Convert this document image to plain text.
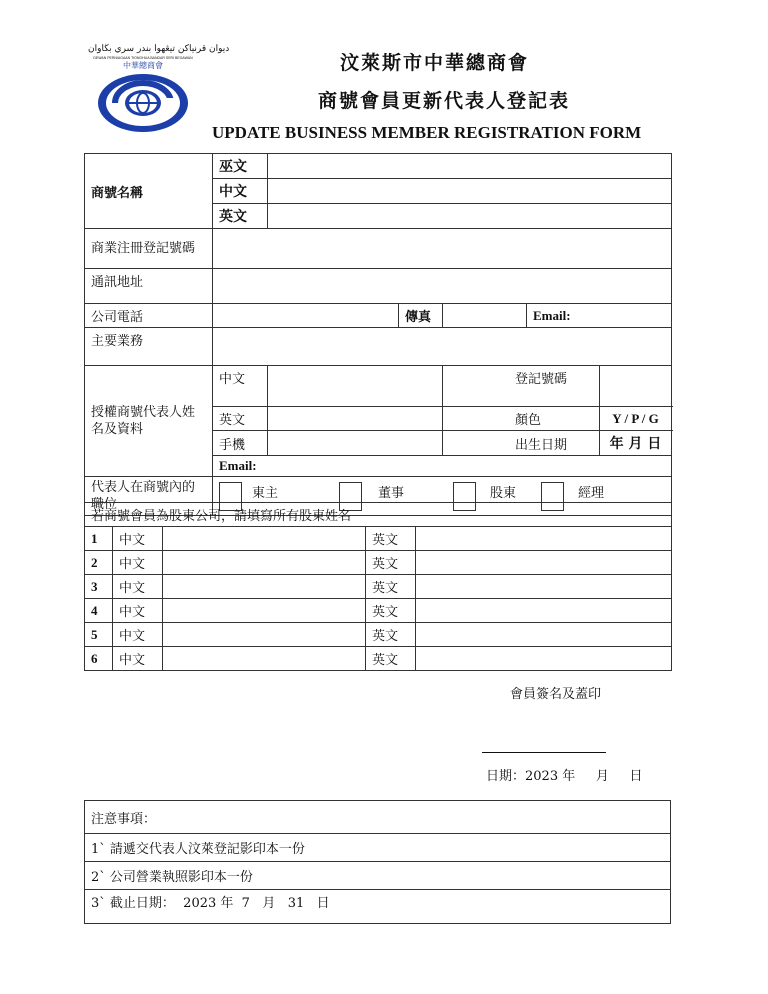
ديوان قرنياكن تيڠهوا بندر سري بڬاوان
DEWAN PERNIAGAAN TIONGHUA BANDAR SERI BEGAWAN
中華總商會	汶萊斯市中華總商會
商號會員更新代表人登記表
UPDATE BUSINESS MEMBER REGISTRATION FORM
商號名稱	巫文					
	中文					
	英文					
商業注冊登記號碼						
通訊地址						
公司電話			傳真		Email:	
主要業務						
授權商號代表人姓名及資料	中文			登記號碼		
	英文			顏色		Y / P / G
	手機			出生日期		年 月 日
	Email:					
代表人在商號內的職位	東主 董事 股東 經理					
若商號會員為股東公司，請填寫所有股東姓名				
1	中文		英文	
2	中文		英文	
3	中文		英文	
4	中文		英文	
5	中文		英文	
6	中文		英文	
會員簽名及蓋印
日期：2023 年     月     日
注意事項：
1` 請遞交代表人汶萊登記影印本一份
2` 公司營業執照影印本一份
3` 截止日期：  2023 年  7   月   31   日
